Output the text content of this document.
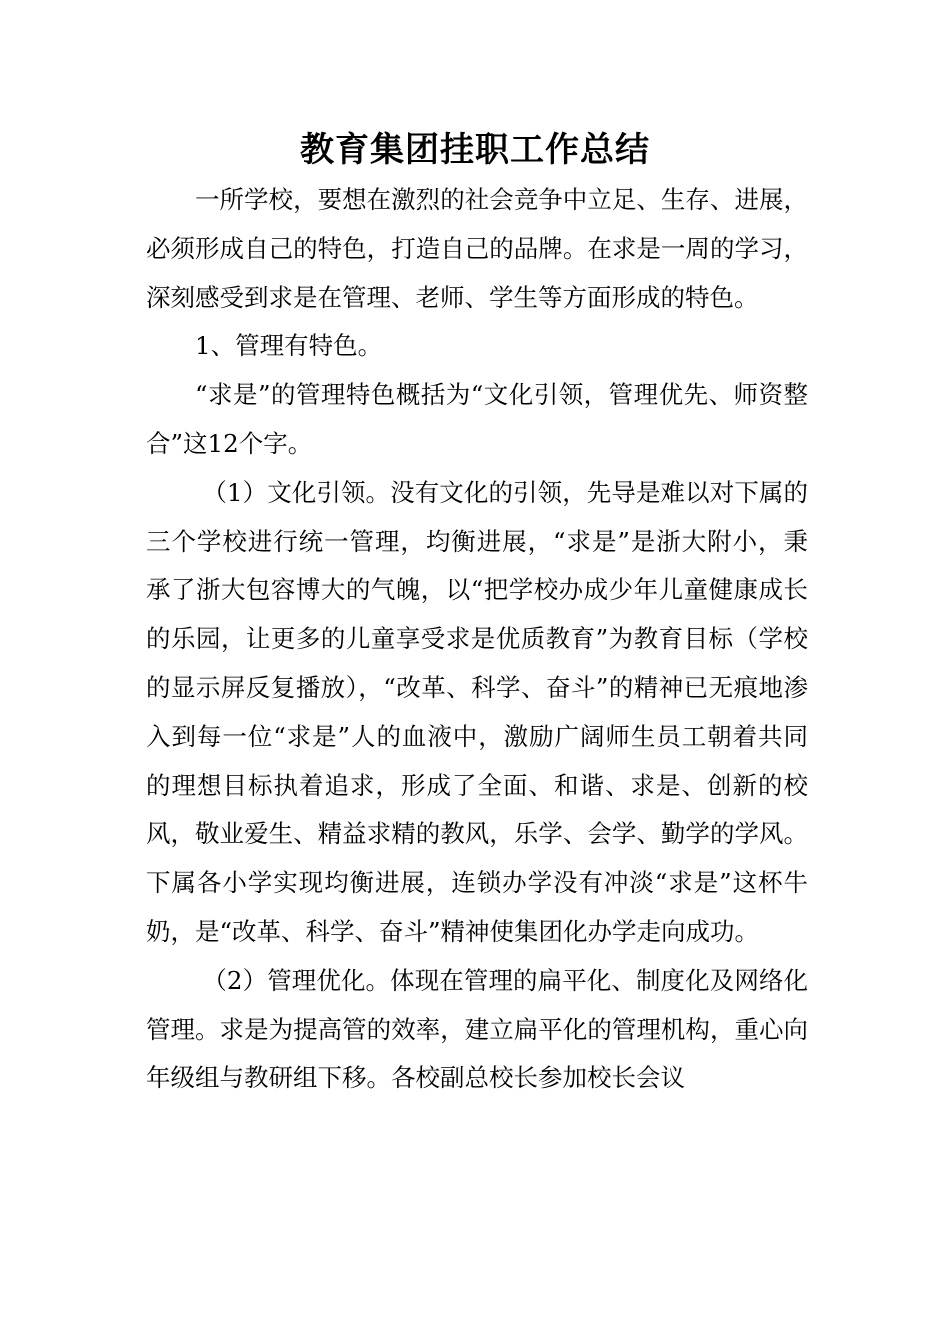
教育集团挂职工作总结

一所学校，要想在激烈的社会竞争中立足、生存、进展，必须形成自己的特色，打造自己的品牌。在求是一周的学习，深刻感受到求是在管理、老师、学生等方面形成的特色。

1、管理有特色。

“求是”的管理特色概括为“文化引领，管理优先、师资整合”这12个字。

（1）文化引领。没有文化的引领，先导是难以对下属的三个学校进行统一管理，均衡进展，“求是”是浙大附小，秉承了浙大包容博大的气魄，以“把学校办成少年儿童健康成长的乐园，让更多的儿童享受求是优质教育”为教育目标（学校的显示屏反复播放），“改革、科学、奋斗”的精神已无痕地渗入到每一位“求是”人的血液中，激励广阔师生员工朝着共同的理想目标执着追求，形成了全面、和谐、求是、创新的校风，敬业爱生、精益求精的教风，乐学、会学、勤学的学风。下属各小学实现均衡进展，连锁办学没有冲淡“求是”这杯牛奶，是“改革、科学、奋斗”精神使集团化办学走向成功。

（2）管理优化。体现在管理的扁平化、制度化及网络化管理。求是为提高管的效率，建立扁平化的管理机构，重心向年级组与教研组下移。各校副总校长参加校长会议
